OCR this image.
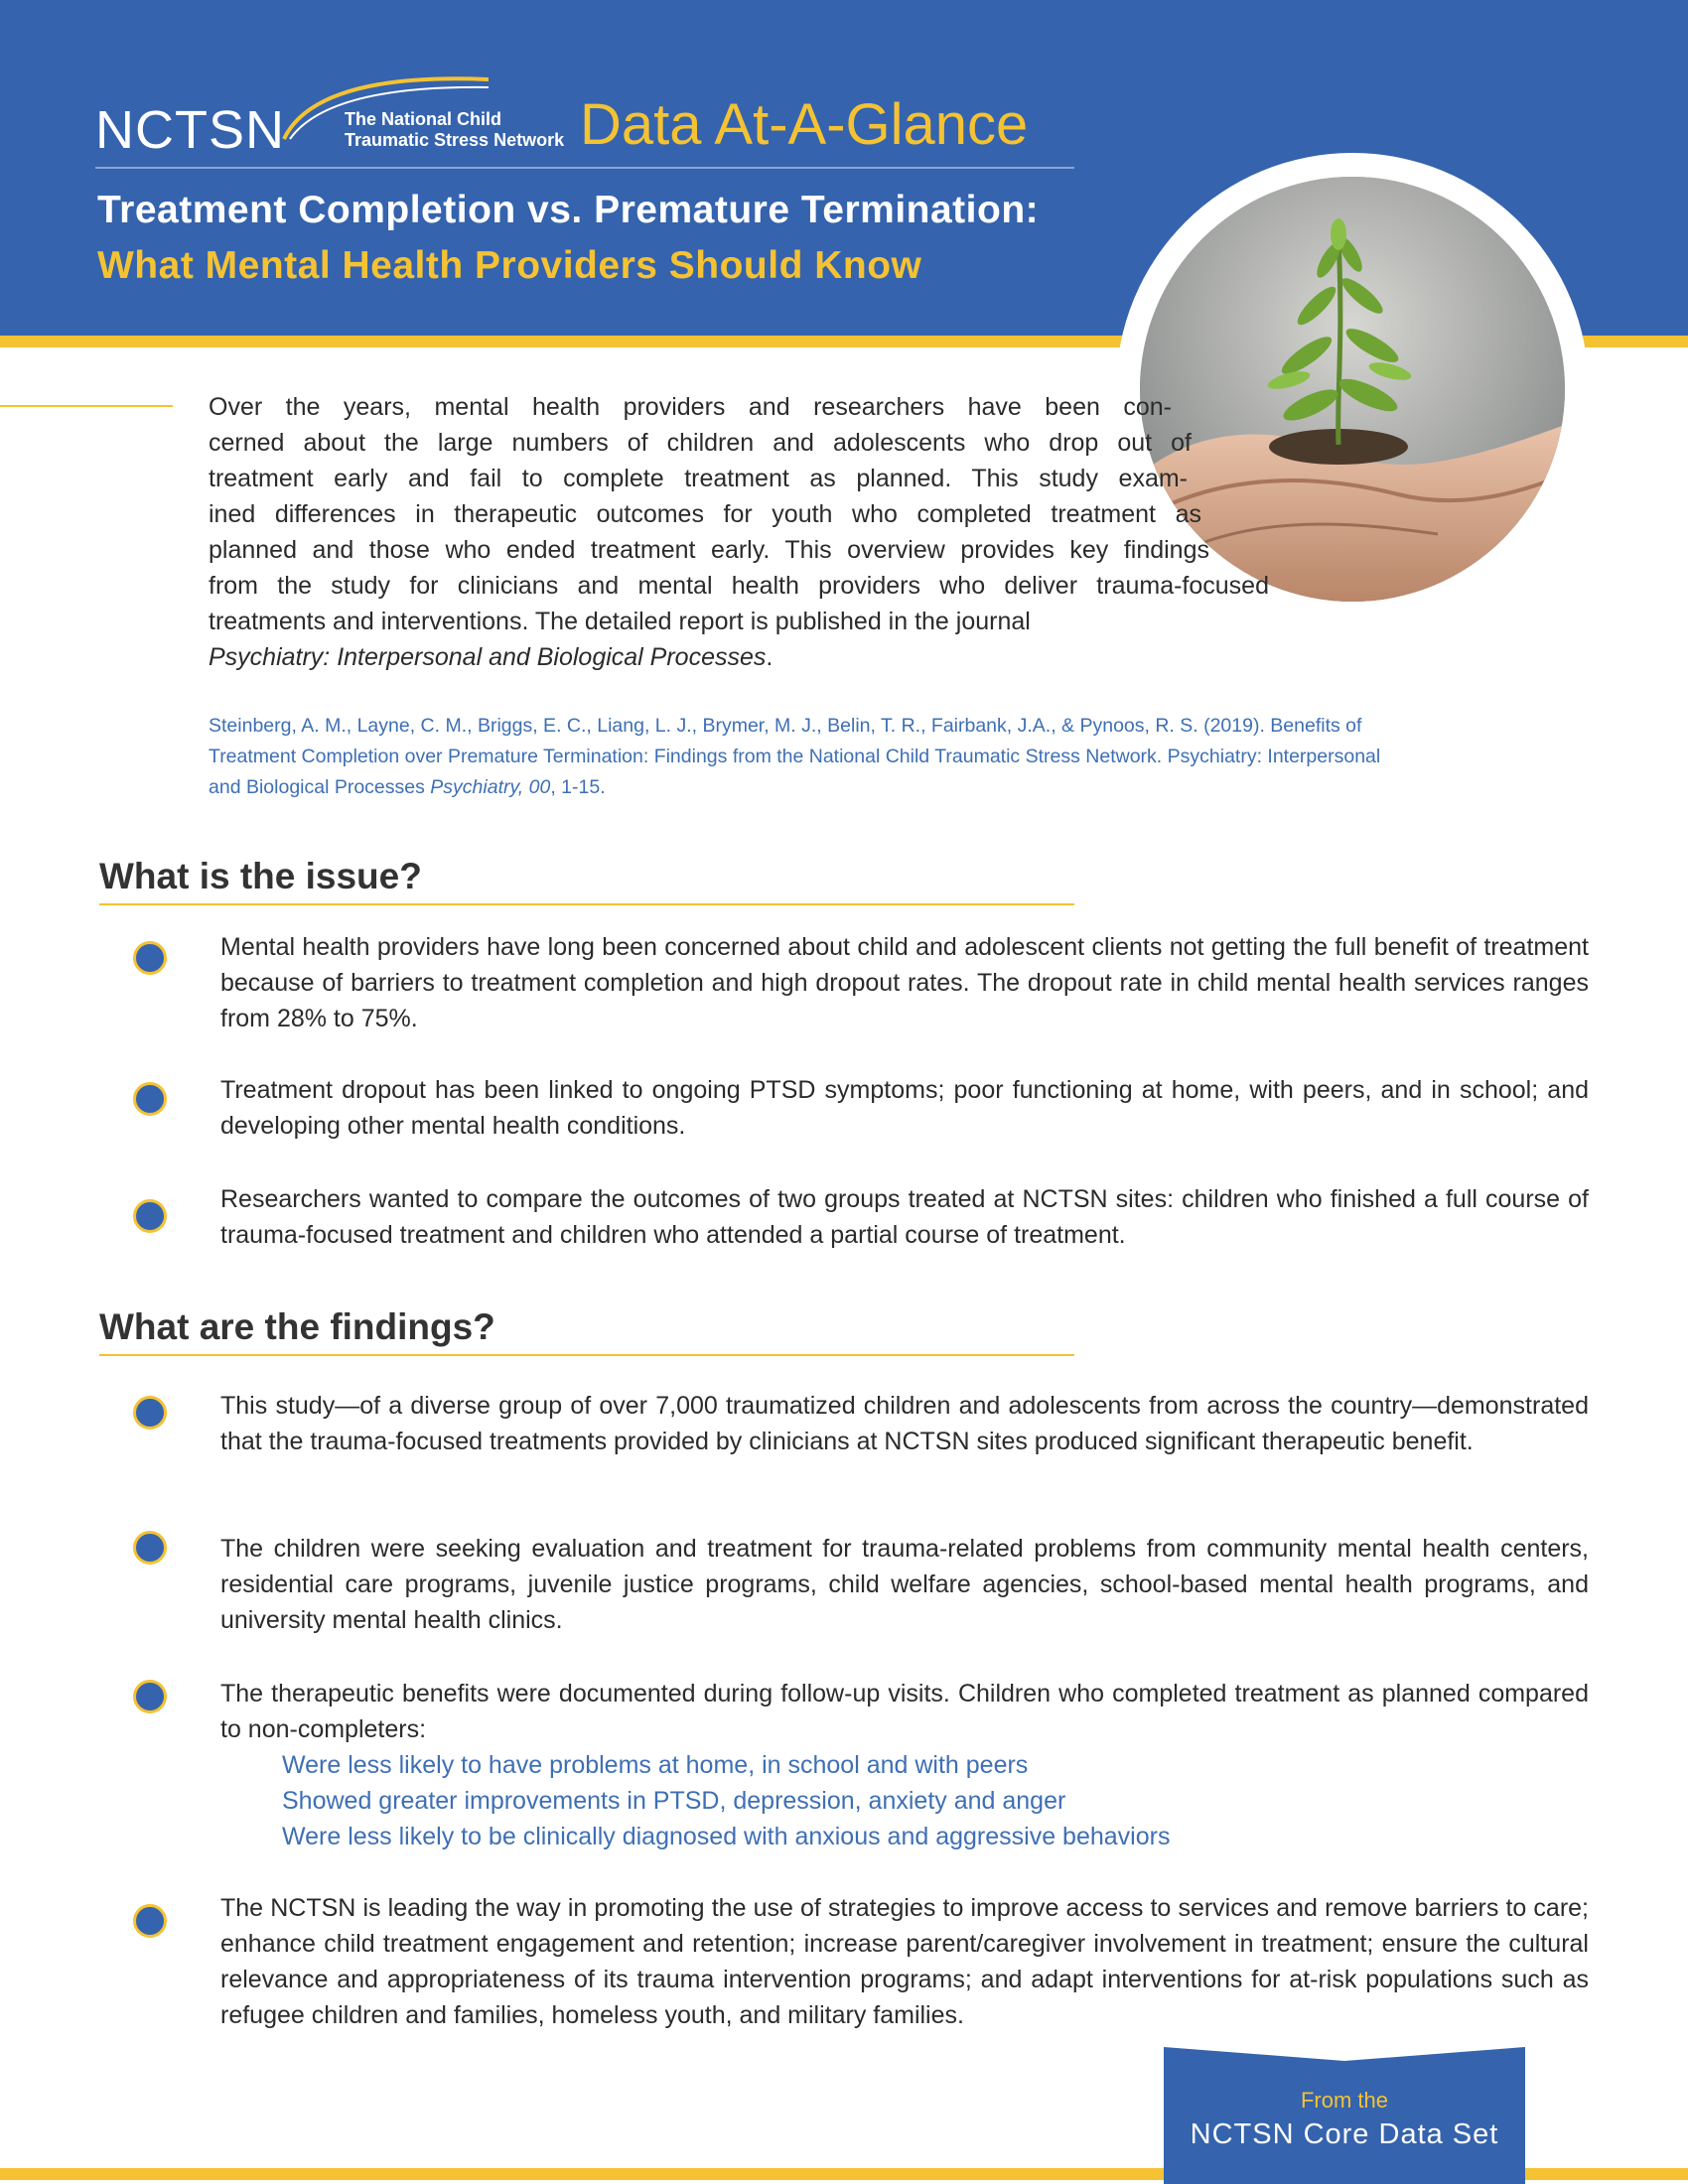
NCTSN	The National Child
Traumatic Stress Network Data At-A-Glance
Treatment Completion vs. Premature Termination:
What Mental Health Providers Should Know

Over the years, mental health providers and researchers have been con-

cerned about the large numbers of children and adolescents who drop out of

treatment early and fail to complete treatment as planned. This study exam-

ined differences in therapeutic outcomes for youth who completed treatment as

planned and those who ended treatment early. This overview provides key findings

from the study for clinicians and mental health providers who deliver trauma-focused

treatments and interventions. The detailed report is published in the journal

Psychiatry: Interpersonal and Biological Processes.

Steinberg, A. M., Layne, C. M., Briggs, E. C., Liang, L. J., Brymer, M. J., Belin, T. R., Fairbank, J.A., & Pynoos, R. S. (2019). Benefits of
Treatment Completion over Premature Termination: Findings from the National Child Traumatic Stress Network. Psychiatry: Interpersonal
and Biological Processes Psychiatry, 00, 1-15.
What is the issue?
Mental health providers have long been concerned about child and adolescent clients not getting the full benefit of treatment because of barriers to treatment completion and high dropout rates. The dropout rate in child mental health services ranges from 28% to 75%.
Treatment dropout has been linked to ongoing PTSD symptoms; poor functioning at home, with peers, and in school; and developing other mental health conditions.
Researchers wanted to compare the outcomes of two groups treated at NCTSN sites: children who finished a full course of trauma-focused treatment and children who attended a partial course of treatment.
What are the findings?
This study—of a diverse group of over 7,000 traumatized children and adolescents from across the country—demonstrated that the trauma-focused treatments provided by clinicians at NCTSN sites produced significant therapeutic benefit.
The children were seeking evaluation and treatment for trauma-related problems from community mental health centers, residential care programs, juvenile justice programs, child welfare agencies, school-based mental health programs, and university mental health clinics.

The therapeutic benefits were documented during follow-up visits. Children who completed treatment as planned compared to non-completers:

Were less likely to have problems at home, in school and with peers
Showed greater improvements in PTSD, depression, anxiety and anger
Were less likely to be clinically diagnosed with anxious and aggressive behaviors
The NCTSN is leading the way in promoting the use of strategies to improve access to services and remove barriers to care; enhance child treatment engagement and retention; increase parent/caregiver involvement in treatment; ensure the cultural relevance and appropriateness of its trauma intervention programs; and adapt interventions for at-risk populations such as refugee children and families, homeless youth, and military families.
From the
NCTSN Core Data Set
